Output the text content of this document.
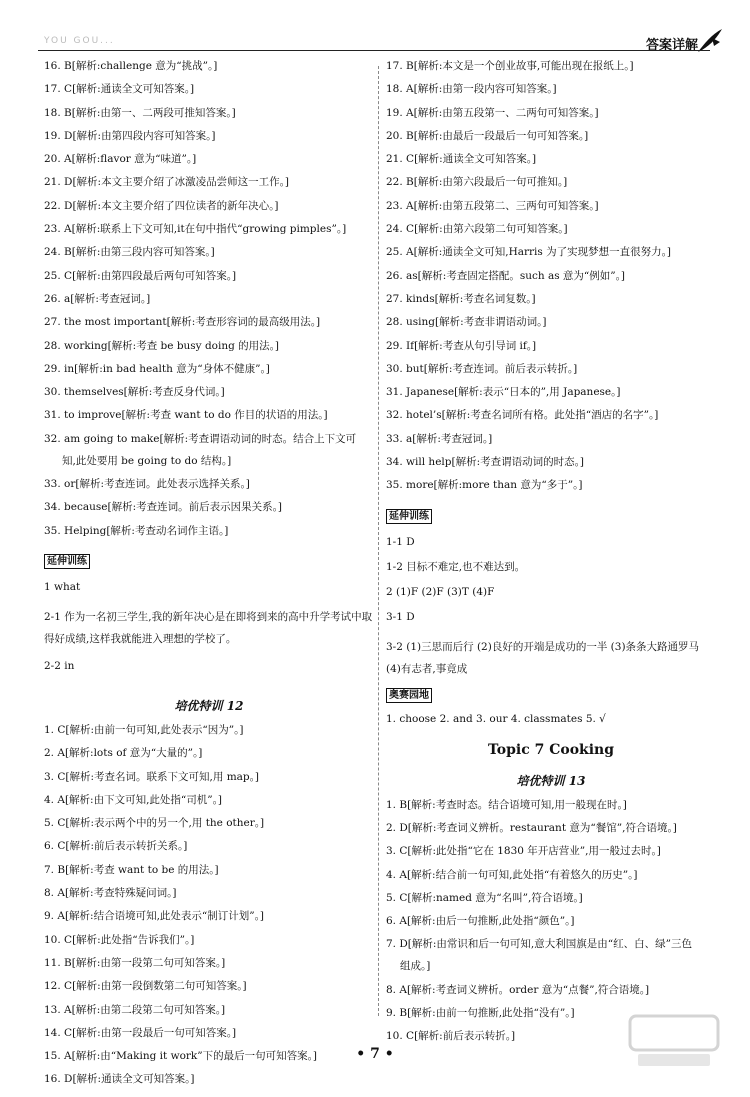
YOU GOU...	答案详解
16. B[解析:challenge 意为“挑战”。]
17. C[解析:通读全文可知答案。]
18. B[解析:由第一、二两段可推知答案。]
19. D[解析:由第四段内容可知答案。]
20. A[解析:flavor 意为“味道”。]
21. D[解析:本文主要介绍了冰激凌品尝师这一工作。]
22. D[解析:本文主要介绍了四位读者的新年决心。]
23. A[解析:联系上下文可知,it在句中指代“growing pimples”。]
24. B[解析:由第三段内容可知答案。]
25. C[解析:由第四段最后两句可知答案。]
26. a[解析:考查冠词。]
27. the most important[解析:考查形容词的最高级用法。]
28. working[解析:考查 be busy doing 的用法。]
29. in[解析:in bad health 意为“身体不健康”。]
30. themselves[解析:考查反身代词。]
31. to improve[解析:考查 want to do 作目的状语的用法。]
32. am going to make[解析:考查谓语动词的时态。结合上下文可
知,此处要用 be going to do 结构。]
33. or[解析:考查连词。此处表示选择关系。]
34. because[解析:考查连词。前后表示因果关系。]
35. Helping[解析:考查动名词作主语。]
延伸训练
1 what
2-1 作为一名初三学生,我的新年决心是在即将到来的高中升学考试中取得好成绩,这样我就能进入理想的学校了。
2-2 in
培优特训 12
1. C[解析:由前一句可知,此处表示“因为”。]
2. A[解析:lots of 意为“大量的”。]
3. C[解析:考查名词。联系下文可知,用 map。]
4. A[解析:由下文可知,此处指“司机”。]
5. C[解析:表示两个中的另一个,用 the other。]
6. C[解析:前后表示转折关系。]
7. B[解析:考查 want to be 的用法。]
8. A[解析:考查特殊疑问词。]
9. A[解析:结合语境可知,此处表示“制订计划”。]
10. C[解析:此处指“告诉我们”。]
11. B[解析:由第一段第二句可知答案。]
12. C[解析:由第一段倒数第二句可知答案。]
13. A[解析:由第二段第二句可知答案。]
14. C[解析:由第一段最后一句可知答案。]
15. A[解析:由“Making it work”下的最后一句可知答案。]
16. D[解析:通读全文可知答案。]
17. B[解析:本文是一个创业故事,可能出现在报纸上。]
18. A[解析:由第一段内容可知答案。]
19. A[解析:由第五段第一、二两句可知答案。]
20. B[解析:由最后一段最后一句可知答案。]
21. C[解析:通读全文可知答案。]
22. B[解析:由第六段最后一句可推知。]
23. A[解析:由第五段第二、三两句可知答案。]
24. C[解析:由第六段第二句可知答案。]
25. A[解析:通读全文可知,Harris 为了实现梦想一直很努力。]
26. as[解析:考查固定搭配。such as 意为“例如”。]
27. kinds[解析:考查名词复数。]
28. using[解析:考查非谓语动词。]
29. If[解析:考查从句引导词 if。]
30. but[解析:考查连词。前后表示转折。]
31. Japanese[解析:表示“日本的”,用 Japanese。]
32. hotel’s[解析:考查名词所有格。此处指“酒店的名字”。]
33. a[解析:考查冠词。]
34. will help[解析:考查谓语动词的时态。]
35. more[解析:more than 意为“多于”。]
延伸训练
1-1 D
1-2 目标不难定,也不难达到。
2 (1)F (2)F (3)T (4)F
3-1 D
3-2 (1)三思而后行 (2)良好的开端是成功的一半 (3)条条大路通罗马 (4)有志者,事竟成
奥赛园地
1. choose 2. and 3. our 4. classmates 5. √
Topic 7 Cooking
培优特训 13
1. B[解析:考查时态。结合语境可知,用一般现在时。]
2. D[解析:考查词义辨析。restaurant 意为“餐馆”,符合语境。]
3. C[解析:此处指“它在 1830 年开店营业”,用一般过去时。]
4. A[解析:结合前一句可知,此处指“有着悠久的历史”。]
5. C[解析:named 意为“名叫”,符合语境。]
6. A[解析:由后一句推断,此处指“颜色”。]
7. D[解析:由常识和后一句可知,意大利国旗是由“红、白、绿”三色
组成。]
8. A[解析:考查词义辨析。order 意为“点餐”,符合语境。]
9. B[解析:由前一句推断,此处指“没有”。]
10. C[解析:前后表示转折。]
• 7 •
